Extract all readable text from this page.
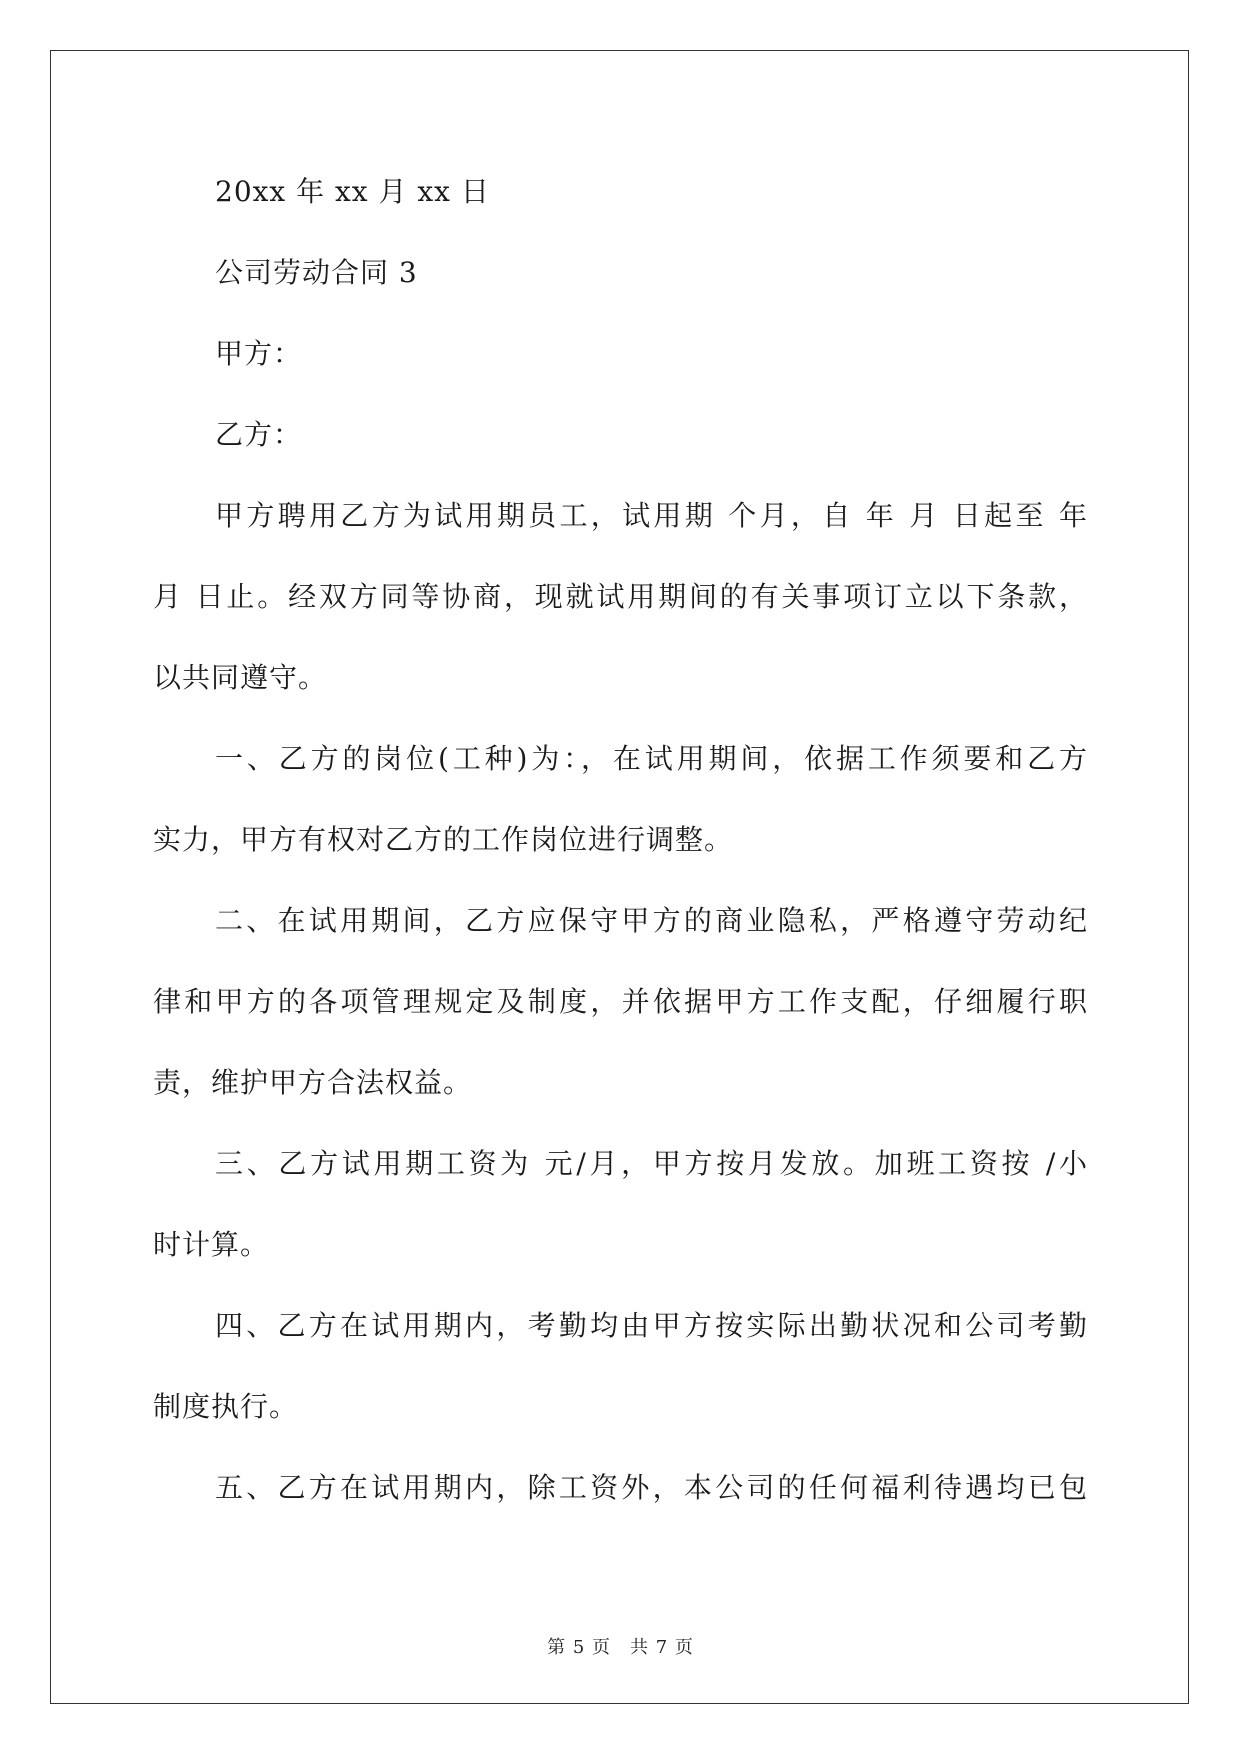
20xx 年 xx 月 xx 日
公司劳动合同 3
甲方：
乙方：
甲方聘用乙方为试用期员工，试用期 个月，自 年 月 日起至 年
月 日止。经双方同等协商，现就试用期间的有关事项订立以下条款，
以共同遵守。
一、乙方的岗位(工种)为：，在试用期间，依据工作须要和乙方
实力，甲方有权对乙方的工作岗位进行调整。
二、在试用期间，乙方应保守甲方的商业隐私，严格遵守劳动纪
律和甲方的各项管理规定及制度，并依据甲方工作支配，仔细履行职
责，维护甲方合法权益。
三、乙方试用期工资为 元/月，甲方按月发放。加班工资按 /小
时计算。
四、乙方在试用期内，考勤均由甲方按实际出勤状况和公司考勤
制度执行。
五、乙方在试用期内，除工资外，本公司的任何福利待遇均已包
第 5 页　共 7 页
